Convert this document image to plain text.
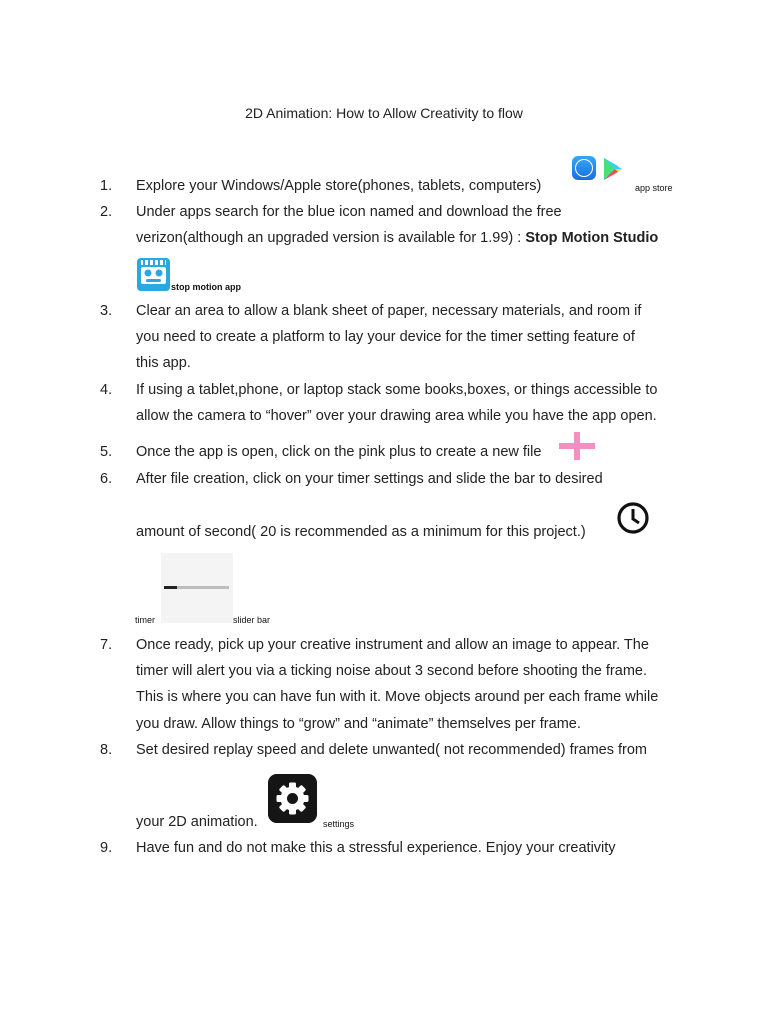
2D Animation: How to Allow Creativity to flow
1. Explore your Windows/Apple store(phones, tablets, computers)	app store
2. Under apps search for the blue icon named and download the free
verizon(although an upgraded version is available for 1.99) : Stop Motion Studio
stop motion app
3. Clear an area to allow a blank sheet of paper, necessary materials, and room if
you need to create a platform to lay your device for the timer setting feature of
this app.
4. If using a tablet,phone, or laptop stack some books,boxes, or things accessible to
allow the camera to “hover” over your drawing area while you have the app open.
5. Once the app is open, click on the pink plus to create a new file
6. After file creation, click on your timer settings and slide the bar to desired
amount of second( 20 is recommended as a minimum for this project.)
timer	slider bar
7. Once ready, pick up your creative instrument and allow an image to appear. The
timer will alert you via a ticking noise about 3 second before shooting the frame.
This is where you can have fun with it. Move objects around per each frame while
you draw. Allow things to “grow” and “animate” themselves per frame.
8. Set desired replay speed and delete unwanted( not recommended) frames from
your 2D animation.	settings
9. Have fun and do not make this a stressful experience. Enjoy your creativity
